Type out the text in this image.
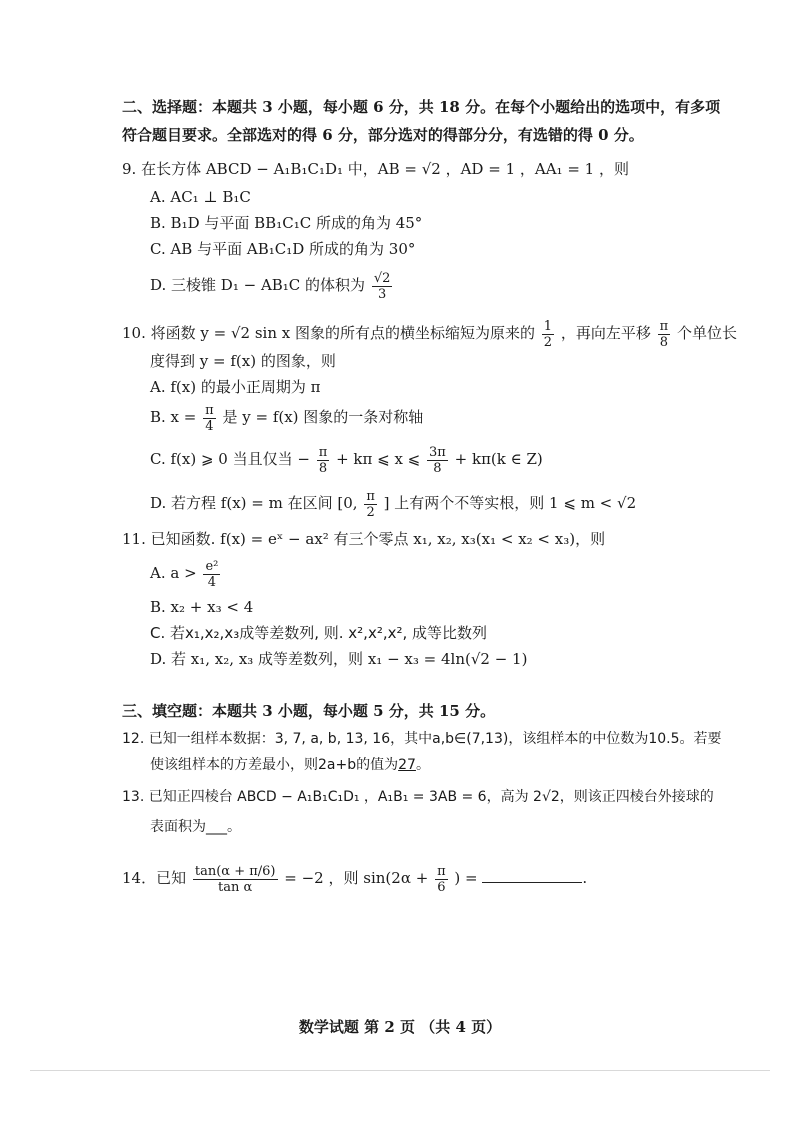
二、选择题：本题共 3 小题，每小题 6 分，共 18 分。在每个小题给出的选项中，有多项
符合题目要求。全部选对的得 6 分，部分选对的得部分分，有选错的得 0 分。
9. 在长方体 ABCD − A₁B₁C₁D₁ 中，AB = √2 ，AD = 1 ，AA₁ = 1 ，则
A. AC₁ ⊥ B₁C
B. B₁D 与平面 BB₁C₁C 所成的角为 45°
C. AB 与平面 AB₁C₁D 所成的角为 30°
D. 三棱锥 D₁ − AB₁C 的体积为 $\frac{√2}{3}$
10. 将函数 y = √2 sin x 图象的所有点的横坐标缩短为原来的 $\frac{1}{2}$ ，再向左平移 $\frac{\pi}{8}$ 个单位长
度得到 y = f(x) 的图象，则
A. f(x) 的最小正周期为 π
B. $x = \frac{\pi}{4}$ 是 y = f(x) 图象的一条对称轴
C. f(x) ⩾ 0 当且仅当 − $\frac{\pi}{8} + k\pi$ ⩽ x ⩽ $\frac{3\pi}{8} + k\pi(k$ ∈ Z)
D. 若方程 f(x) = m 在区间 [0, $\frac{\pi}{2}$ ] 上有两个不等实根，则 1 ⩽ m < √2
11. 已知函数. f(x) = eˣ − ax² 有三个零点 x₁, x₂, x₃(x₁ < x₂ < x₃)，则
A. $a > \frac{\text{e²}}{4}$
B. x₂ + x₃ < 4
C. 若x₁,x₂,x₃成等差数列, 则. x²,x²,x², 成等比数列
D. 若 x₁, x₂, x₃ 成等差数列，则 x₁ − x₃ = 4ln(√2 − 1)
三、填空题：本题共 3 小题，每小题 5 分，共 15 分。
12. 已知一组样本数据：3, 7, a, b, 13, 16，其中a,b∈(7,13)，该组样本的中位数为10.5。若要
使该组样本的方差最小，则2a+b的值为27。
13. 已知正四棱台 ABCD − A₁B₁C₁D₁ ，A₁B₁ = 3AB = 6，高为 2√2，则该正四棱台外接球的
表面积为___。
14．已知 $\frac{\tan(\alpha + \pi/6)}{\text{tan α}} = -2$ ，则 $\sin(2\alpha + \frac{\pi}{6}$ ) =	.
数学试题 第 2 页 （共 4 页）
